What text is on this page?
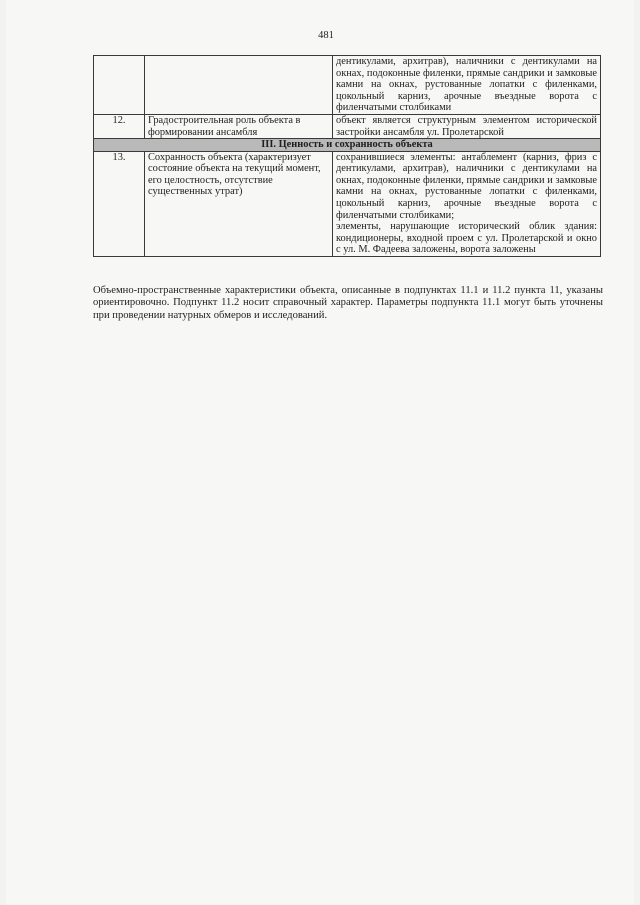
481
		дентикулами, архитрав), наличники с дентикулами на окнах, подоконные филенки, прямые сандрики и замковые камни на окнах, рустованные лопатки с филенками, цокольный карниз, арочные въездные ворота с филенчатыми столбиками
12.	Градостроительная роль объекта в формировании ансамбля	объект является структурным элементом исторической застройки ансамбля ул. Пролетарской
III. Ценность и сохранность объекта		
13.	Сохранность объекта (характеризует состояние объекта на текущий момент, его целостность, отсутствие существенных утрат)	сохранившиеся элементы: антаблемент (карниз, фриз с дентикулами, архитрав), наличники с дентикулами на окнах, подоконные филенки, прямые сандрики и замковые камни на окнах, рустованные лопатки с филенками, цокольный карниз, арочные въездные ворота с филенчатыми столбиками;
элементы, нарушающие исторический облик здания: кондиционеры, входной проем с ул. Пролетарской и окно с ул. М. Фадеева заложены, ворота заложены
Объемно-пространственные характеристики объекта, описанные в подпунктах 11.1 и 11.2 пункта 11, указаны ориентировочно. Подпункт 11.2 носит справочный характер. Параметры подпункта 11.1 могут быть уточнены при проведении натурных обмеров и исследований.
